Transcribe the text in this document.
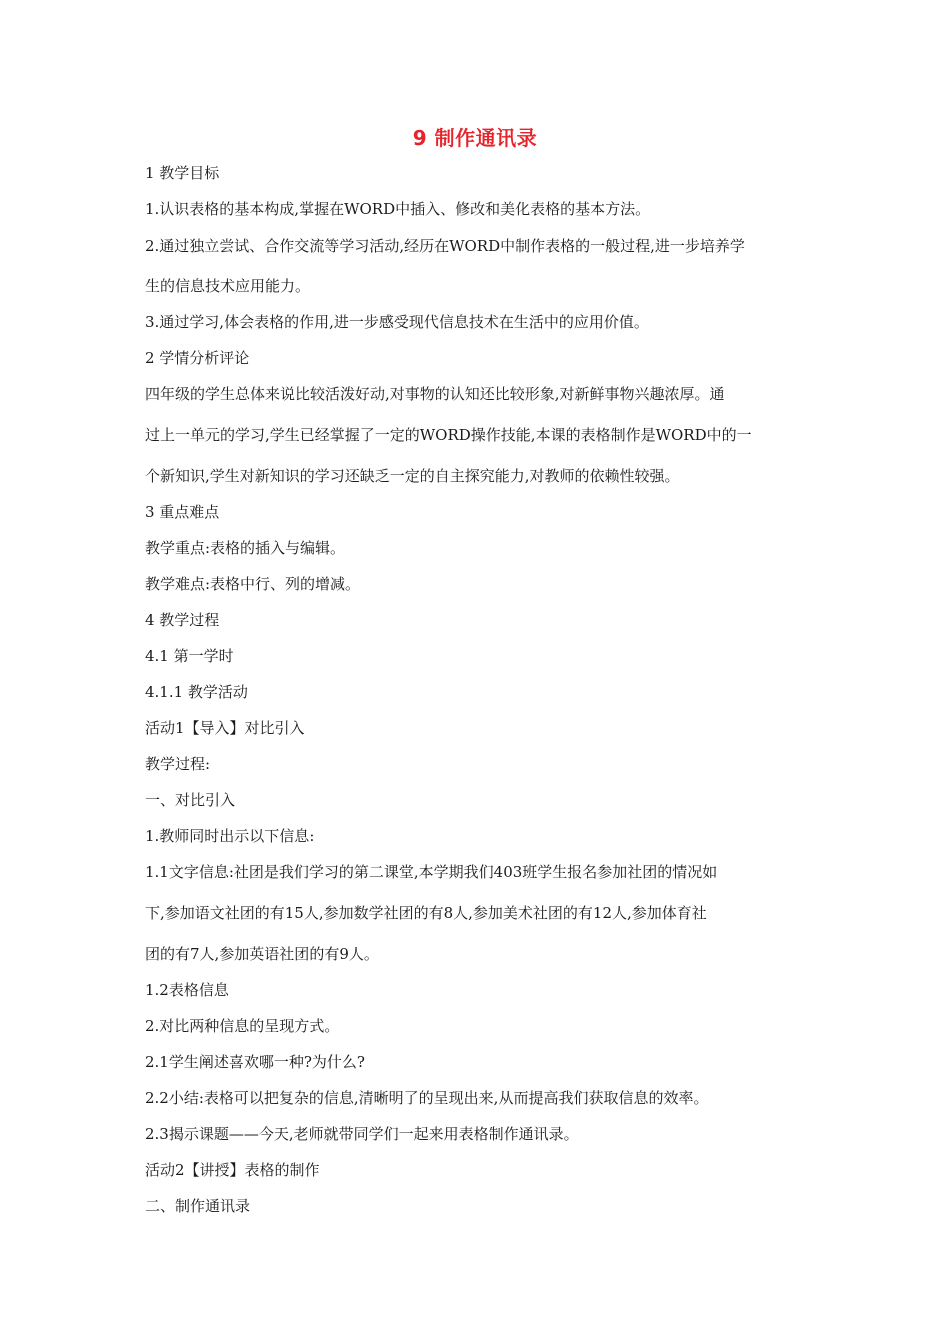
9 制作通讯录
1 教学目标
1.认识表格的基本构成,掌握在WORD中插入、修改和美化表格的基本方法。
2.通过独立尝试、合作交流等学习活动,经历在WORD中制作表格的一般过程,进一步培养学
生的信息技术应用能力。
3.通过学习,体会表格的作用,进一步感受现代信息技术在生活中的应用价值。
2 学情分析评论
四年级的学生总体来说比较活泼好动,对事物的认知还比较形象,对新鲜事物兴趣浓厚。通
过上一单元的学习,学生已经掌握了一定的WORD操作技能,本课的表格制作是WORD中的一
个新知识,学生对新知识的学习还缺乏一定的自主探究能力,对教师的依赖性较强。
3 重点难点
教学重点:表格的插入与编辑。
教学难点:表格中行、列的增减。
4 教学过程
4.1 第一学时
4.1.1 教学活动
活动1【导入】对比引入
教学过程:
一、对比引入
1.教师同时出示以下信息:
1.1文字信息:社团是我们学习的第二课堂,本学期我们403班学生报名参加社团的情况如
下,参加语文社团的有15人,参加数学社团的有8人,参加美术社团的有12人,参加体育社
团的有7人,参加英语社团的有9人。
1.2表格信息
2.对比两种信息的呈现方式。
2.1学生阐述喜欢哪一种?为什么?
2.2小结:表格可以把复杂的信息,清晰明了的呈现出来,从而提高我们获取信息的效率。
2.3揭示课题——今天,老师就带同学们一起来用表格制作通讯录。
活动2【讲授】表格的制作
二、制作通讯录
